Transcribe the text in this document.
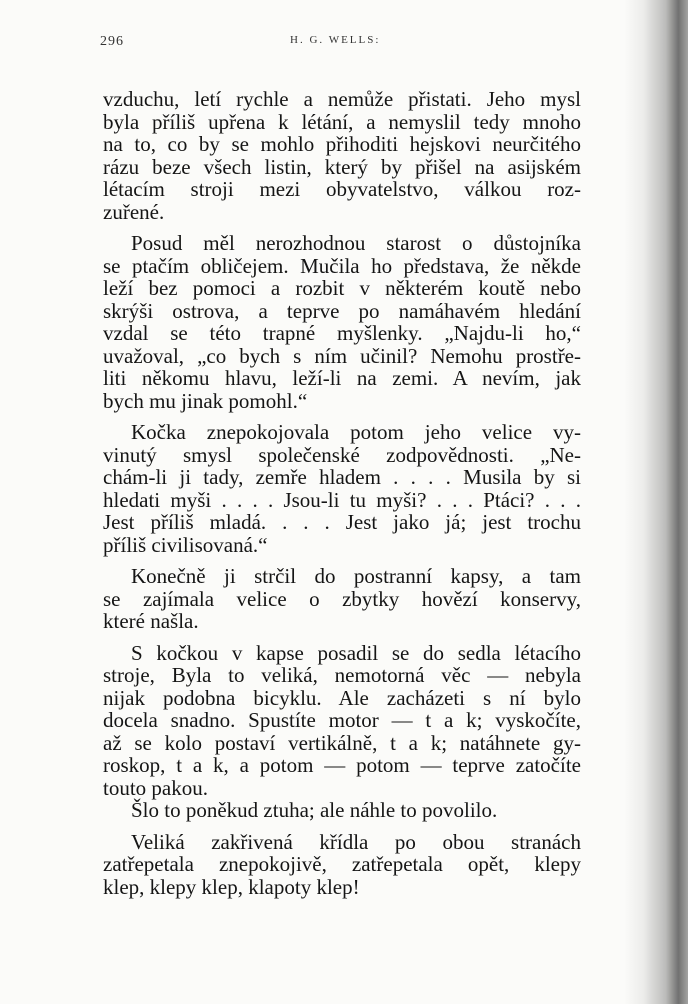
296	H. G. WELLS:
vzduchu, letí rychle a nemůže přistati. Jeho mysl
byla příliš upřena k létání, a nemyslil tedy mnoho
na to, co by se mohlo přihoditi hejskovi neurčitého
rázu beze všech listin, který by přišel na asijském
létacím stroji mezi obyvatelstvo, válkou roz-
zuřené.
Posud měl nerozhodnou starost o důstojníka
se ptačím obličejem. Mučila ho představa, že někde
leží bez pomoci a rozbit v některém koutě nebo
skrýši ostrova, a teprve po namáhavém hledání
vzdal se této trapné myšlenky. „Najdu-li ho,“
uvažoval, „co bych s ním učinil? Nemohu prostře-
liti někomu hlavu, leží-li na zemi. A nevím, jak
bych mu jinak pomohl.“
Kočka znepokojovala potom jeho velice vy-
vinutý smysl společenské zodpovědnosti. „Ne-
chám-li ji tady, zemře hladem . . . . Musila by si
hledati myši . . . . Jsou-li tu myši? . . . Ptáci? . . .
Jest příliš mladá. . . . Jest jako já; jest trochu
příliš civilisovaná.“
Konečně ji strčil do postranní kapsy, a tam
se zajímala velice o zbytky hovězí konservy,
které našla.
S kočkou v kapse posadil se do sedla létacího
stroje, Byla to veliká, nemotorná věc — nebyla
nijak podobna bicyklu. Ale zacházeti s ní bylo
docela snadno. Spustíte motor — t a k; vyskočíte,
až se kolo postaví vertikálně, t a k; natáhnete gy-
roskop, t a k, a potom — potom — teprve zatočíte
touto pakou.
Šlo to poněkud ztuha; ale náhle to povolilo.
Veliká zakřivená křídla po obou stranách
zatřepetala znepokojivě, zatřepetala opět, klepy
klep, klepy klep, klapoty klep!
